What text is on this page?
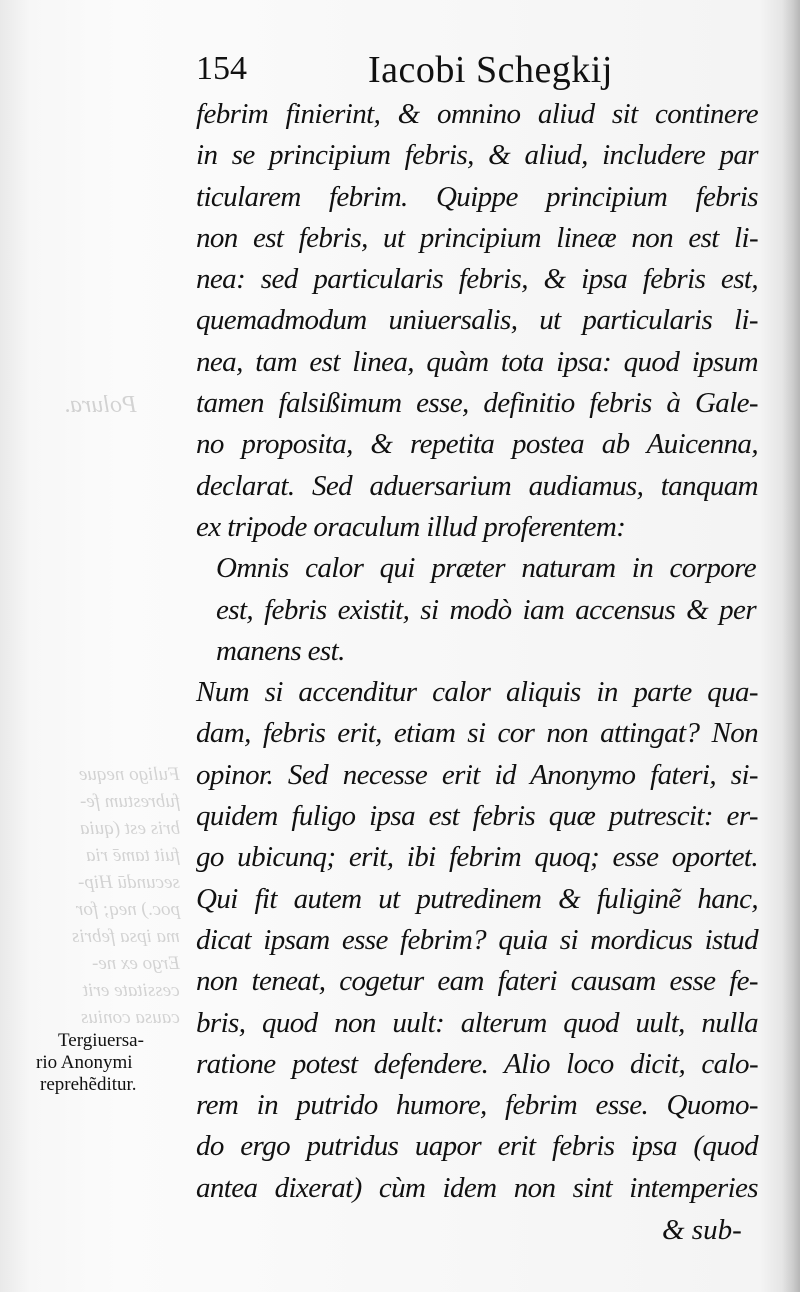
Polura.
Fuligo neque
fubrestum fe-
bris est (quia
fuit tamē ria
secundū Hip-
poc.) neq; for
ma ipsa febris
Ergo ex ne-
cessitate erit
causa conius
154	Iacobi Schegkij
febrim finierint, & omnino aliud sit continere
in se principium febris, & aliud, includere par
ticularem febrim. Quippe principium febris
non est febris, ut principium lineæ non est li-
nea: sed particularis febris, & ipsa febris est,
quemadmodum uniuersalis, ut particularis li-
nea, tam est linea, quàm tota ipsa: quod ipsum
tamen falsißimum esse, definitio febris à Gale-
no proposita, & repetita postea ab Auicenna,
declarat. Sed aduersarium audiamus, tanquam
ex tripode oraculum illud proferentem:
Omnis calor qui præter naturam in corpore
est, febris existit, si modò iam accensus & per
manens est.
Num si accenditur calor aliquis in parte qua-
dam, febris erit, etiam si cor non attingat? Non
opinor. Sed necesse erit id Anonymo fateri, si-
quidem fuligo ipsa est febris quæ putrescit: er-
go ubicunq; erit, ibi febrim quoq; esse oportet.
Qui fit autem ut putredinem & fuliginẽ hanc,
dicat ipsam esse febrim? quia si mordicus istud
non teneat, cogetur eam fateri causam esse fe-
bris, quod non uult: alterum quod uult, nulla
ratione potest defendere. Alio loco dicit, calo-
rem in putrido humore, febrim esse. Quomo-
do ergo putridus uapor erit febris ipsa (quod
antea dixerat) cùm idem non sint intemperies
& sub-
Tergiuersa-
rio Anonymi
reprehẽditur.
